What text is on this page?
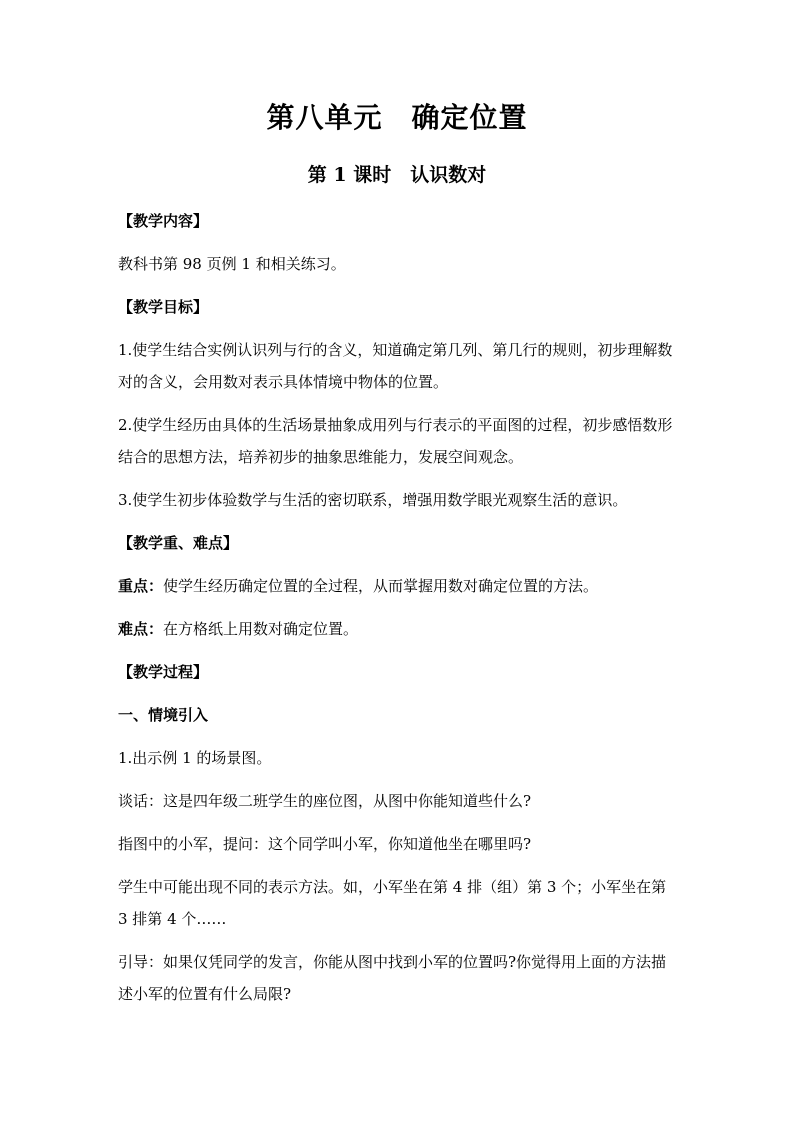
第八单元　确定位置
第 1 课时　认识数对

【教学内容】

教科书第 98 页例 1 和相关练习。

【教学目标】

1.使学生结合实例认识列与行的含义，知道确定第几列、第几行的规则，初步理解数对的含义，会用数对表示具体情境中物体的位置。

2.使学生经历由具体的生活场景抽象成用列与行表示的平面图的过程，初步感悟数形结合的思想方法，培养初步的抽象思维能力，发展空间观念。

3.使学生初步体验数学与生活的密切联系，增强用数学眼光观察生活的意识。

【教学重、难点】

重点：使学生经历确定位置的全过程，从而掌握用数对确定位置的方法。

难点：在方格纸上用数对确定位置。

【教学过程】

一、情境引入

1.出示例 1 的场景图。

谈话：这是四年级二班学生的座位图，从图中你能知道些什么?

指图中的小军，提问：这个同学叫小军，你知道他坐在哪里吗?

学生中可能出现不同的表示方法。如，小军坐在第 4 排（组）第 3 个；小军坐在第 3 排第 4 个……

引导：如果仅凭同学的发言，你能从图中找到小军的位置吗?你觉得用上面的方法描述小军的位置有什么局限?
